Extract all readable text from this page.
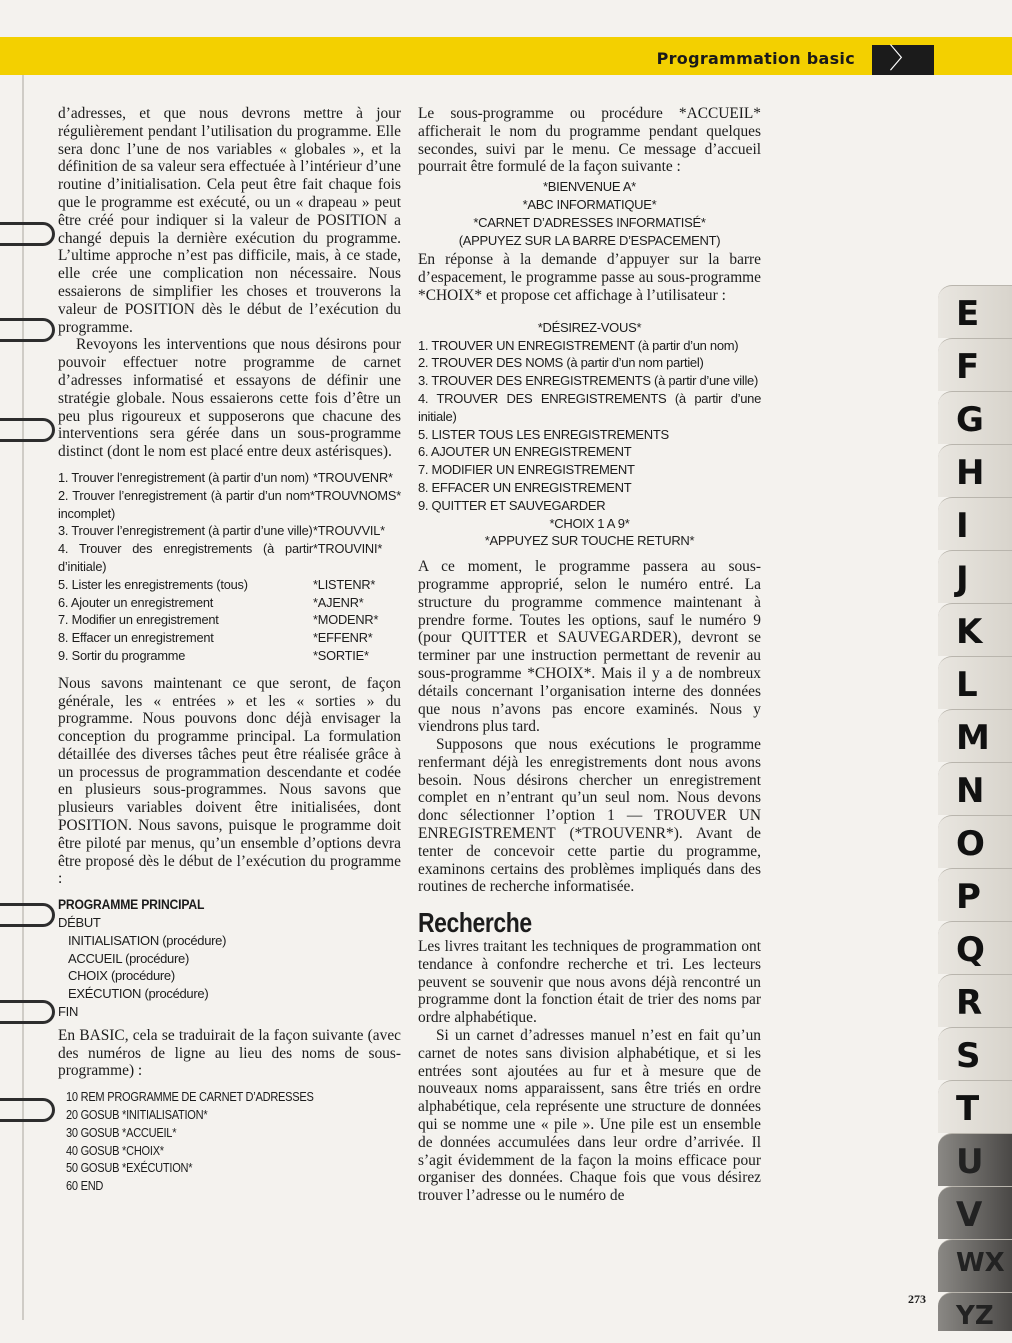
Programmation basic	〉

d’adresses, et que nous devrons mettre à jour régulièrement pendant l’utilisation du programme. Elle sera donc l’une de nos variables « globales », et la définition de sa valeur sera effectuée à l’intérieur d’une routine d’initialisation. Cela peut être fait chaque fois que le programme est exécuté, ou un « drapeau » peut être créé pour indiquer si la valeur de POSITION a changé depuis la dernière exécution du programme. L’ultime approche n’est pas difficile, mais, à ce stade, elle crée une complication non nécessaire. Nous essaierons de simplifier les choses et trouverons la valeur de POSITION dès le début de l’exécution du programme.

Revoyons les interventions que nous désirons pour pouvoir effectuer notre programme de carnet d’adresses informatisé et essayons de définir une stratégie globale. Nous essaierons cette fois d’être un peu plus rigoureux et supposerons que chacune des interventions sera gérée dans un sous-programme distinct (dont le nom est placé entre deux astérisques).

1. Trouver l’enregistrement (à partir d’un nom) *TROUVENR*
2. Trouver l’enregistrement (à partir d’un nom incomplet)
*TROUVNOMS*
3. Trouver l’enregistrement (à partir d’une ville) *TROUVVIL*
4. Trouver des enregistrements (à partir d’initiale)
*TROUVINI*
5. Lister les enregistrements (tous)	*LISTENR*
6. Ajouter un enregistrement	*AJENR*
7. Modifier un enregistrement	*MODENR*
8. Effacer un enregistrement	*EFFENR*
9. Sortir du programme	*SORTIE*

Nous savons maintenant ce que seront, de façon générale, les « entrées » et les « sorties » du programme. Nous pouvons donc déjà envisager la conception du programme principal. La formulation détaillée des diverses tâches peut être réalisée grâce à un processus de programmation descendante et codée en plusieurs sous-programmes. Nous savons que plusieurs variables doivent être initialisées, dont POSITION. Nous savons, puisque le programme doit être piloté par menus, qu’un ensemble d’options devra être proposé dès le début de l’exécution du programme :

PROGRAMME PRINCIPAL
DÉBUT
INITIALISATION (procédure)
ACCUEIL (procédure)
CHOIX (procédure)
EXÉCUTION (procédure)
FIN

En BASIC, cela se traduirait de la façon suivante (avec des numéros de ligne au lieu des noms de sous-programme) :

10 REM PROGRAMME DE CARNET D’ADRESSES
20 GOSUB *INITIALISATION*
30 GOSUB *ACCUEIL*
40 GOSUB *CHOIX*
50 GOSUB *EXÉCUTION*
60 END

Le sous-programme ou procédure *ACCUEIL* afficherait le nom du programme pendant quelques secondes, suivi par le menu. Ce message d’accueil pourrait être formulé de la façon suivante :

*BIENVENUE A*
*ABC INFORMATIQUE*
*CARNET D’ADRESSES INFORMATISÉ*
(APPUYEZ SUR LA BARRE D’ESPACEMENT)

En réponse à la demande d’appuyer sur la barre d’espacement, le programme passe au sous-programme *CHOIX* et propose cet affichage à l’utilisateur :

*DÉSIREZ-VOUS*
1. TROUVER UN ENREGISTREMENT (à partir d’un nom)
2. TROUVER DES NOMS (à partir d’un nom partiel)
3. TROUVER DES ENREGISTREMENTS (à partir d’une ville)
4. TROUVER DES ENREGISTREMENTS (à partir d’une initiale)
5. LISTER TOUS LES ENREGISTREMENTS
6. AJOUTER UN ENREGISTREMENT
7. MODIFIER UN ENREGISTREMENT
8. EFFACER UN ENREGISTREMENT
9. QUITTER ET SAUVEGARDER
*CHOIX 1 A 9*
*APPUYEZ SUR TOUCHE RETURN*

A ce moment, le programme passera au sous-programme approprié, selon le numéro entré. La structure du programme commence maintenant à prendre forme. Toutes les options, sauf le numéro 9 (pour QUITTER et SAUVEGARDER), devront se terminer par une instruction permettant de revenir au sous-programme *CHOIX*. Mais il y a de nombreux détails concernant l’organisation interne des données que nous n’avons pas encore examinés. Nous y viendrons plus tard.

Supposons que nous exécutions le programme renfermant déjà les enregistrements dont nous avons besoin. Nous désirons chercher un enregistrement complet en n’entrant qu’un seul nom. Nous devons donc sélectionner l’option 1 — TROUVER UN ENREGISTREMENT (*TROUVENR*). Avant de tenter de concevoir cette partie du programme, examinons certains des problèmes impliqués dans des routines de recherche informatisée.

Recherche

Les livres traitant les techniques de programmation ont tendance à confondre recherche et tri. Les lecteurs peuvent se souvenir que nous avons déjà rencontré un programme dont la fonction était de trier des noms par ordre alphabétique.

Si un carnet d’adresses manuel n’est en fait qu’un carnet de notes sans division alphabétique, et si les entrées sont ajoutées au fur et à mesure que de nouveaux noms apparaissent, sans être triés en ordre alphabétique, cela représente une structure de données qui se nomme une « pile ». Une pile est un ensemble de données accumulées dans leur ordre d’arrivée. Il s’agit évidemment de la façon la moins efficace pour organiser des données. Chaque fois que vous désirez trouver l’adresse ou le numéro de

E
F
G
H
I
J
K
L
M
N
O
P
Q
R
S
T
U
V
WX
YZ
273
